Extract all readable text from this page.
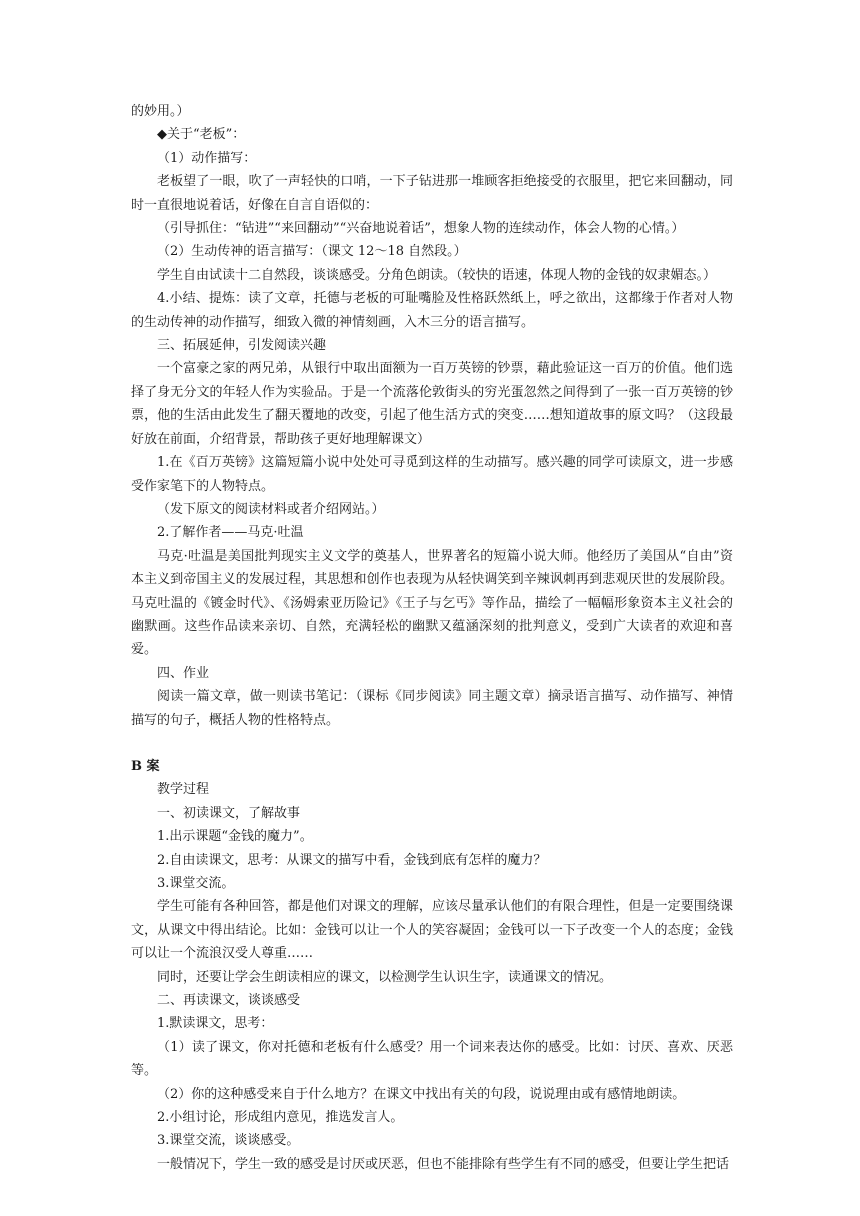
的妙用。）

◆关于“老板”：

（1）动作描写：

老板望了一眼，吹了一声轻快的口哨，一下子钻进那一堆顾客拒绝接受的衣服里，把它来回翻动，同时一直很地说着话，好像在自言自语似的：

（引导抓住：“钻进”“来回翻动”“兴奋地说着话”，想象人物的连续动作，体会人物的心情。）

（2）生动传神的语言描写：（课文 12～18 自然段。）

学生自由试读十二自然段，谈谈感受。分角色朗读。（较快的语速，体现人物的金钱的奴隶媚态。）

4.小结、提炼：读了文章，托德与老板的可耻嘴脸及性格跃然纸上，呼之欲出，这都缘于作者对人物的生动传神的动作描写，细致入微的神情刻画，入木三分的语言描写。

三、拓展延伸，引发阅读兴趣

一个富豪之家的两兄弟，从银行中取出面额为一百万英镑的钞票，藉此验证这一百万的价值。他们选择了身无分文的年轻人作为实验品。于是一个流落伦敦街头的穷光蛋忽然之间得到了一张一百万英镑的钞票，他的生活由此发生了翻天覆地的改变，引起了他生活方式的突变……想知道故事的原文吗？（这段最好放在前面，介绍背景，帮助孩子更好地理解课文）

1.在《百万英镑》这篇短篇小说中处处可寻觅到这样的生动描写。感兴趣的同学可读原文，进一步感受作家笔下的人物特点。

（发下原文的阅读材料或者介绍网站。）

2.了解作者——马克·吐温

马克·吐温是美国批判现实主义文学的奠基人，世界著名的短篇小说大师。他经历了美国从“自由”资本主义到帝国主义的发展过程，其思想和创作也表现为从轻快调笑到辛辣讽刺再到悲观厌世的发展阶段。马克吐温的《镀金时代》、《汤姆索亚历险记》《王子与乞丐》等作品，描绘了一幅幅形象资本主义社会的幽默画。这些作品读来亲切、自然，充满轻松的幽默又蕴涵深刻的批判意义，受到广大读者的欢迎和喜爱。

四、作业

阅读一篇文章，做一则读书笔记：（课标《同步阅读》同主题文章）摘录语言描写、动作描写、神情描写的句子，概括人物的性格特点。

B 案

教学过程

一、初读课文，了解故事

1.出示课题“金钱的魔力”。

2.自由读课文，思考：从课文的描写中看，金钱到底有怎样的魔力？

3.课堂交流。

学生可能有各种回答，都是他们对课文的理解，应该尽量承认他们的有限合理性，但是一定要围绕课文，从课文中得出结论。比如：金钱可以让一个人的笑容凝固；金钱可以一下子改变一个人的态度；金钱可以让一个流浪汉受人尊重……

同时，还要让学会生朗读相应的课文，以检测学生认识生字，读通课文的情况。

二、再读课文，谈谈感受

1.默读课文，思考：

（1）读了课文，你对托德和老板有什么感受？用一个词来表达你的感受。比如：讨厌、喜欢、厌恶等。

（2）你的这种感受来自于什么地方？在课文中找出有关的句段，说说理由或有感情地朗读。

2.小组讨论，形成组内意见，推选发言人。

3.课堂交流，谈谈感受。

一般情况下，学生一致的感受是讨厌或厌恶，但也不能排除有些学生有不同的感受，但要让学生把话
